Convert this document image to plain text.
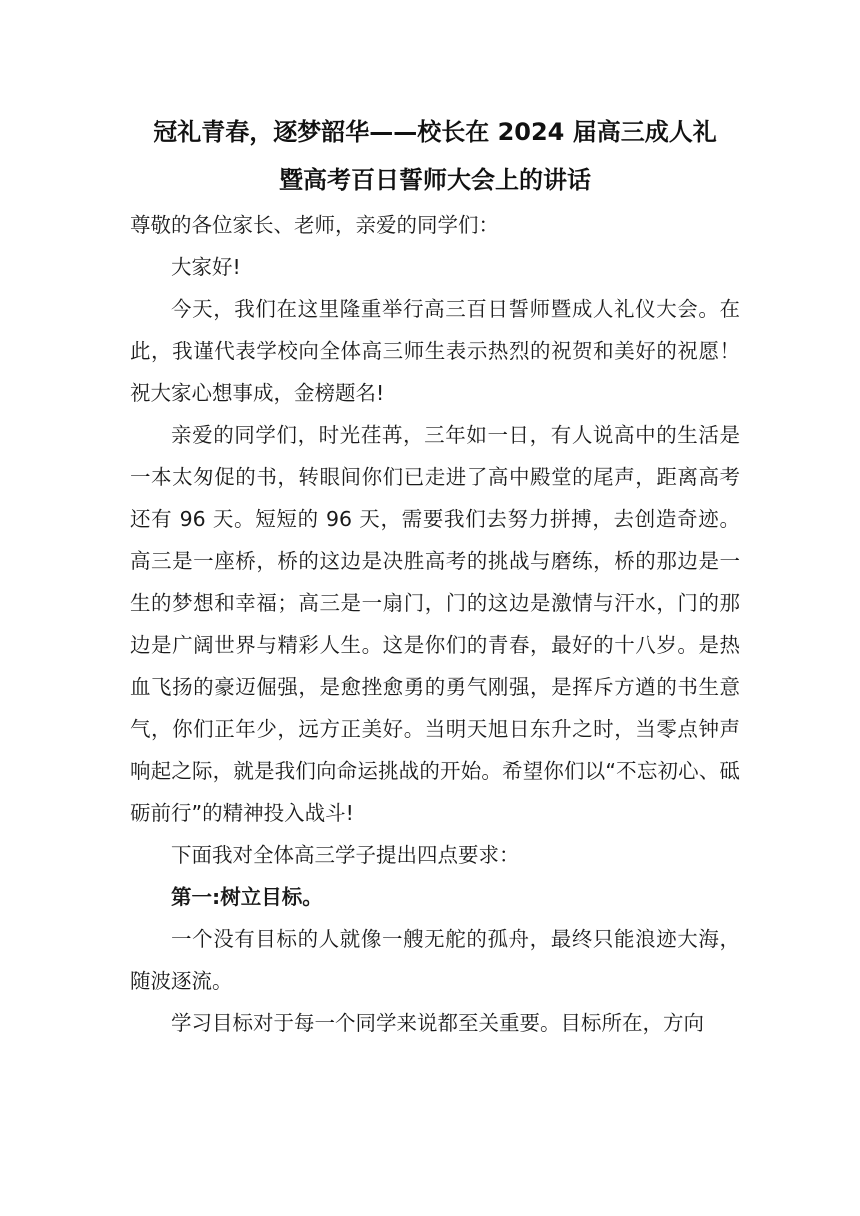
冠礼青春，逐梦韶华——校长在 2024 届高三成人礼
暨高考百日誓师大会上的讲话

尊敬的各位家长、老师，亲爱的同学们：

大家好!

今天，我们在这里隆重举行高三百日誓师暨成人礼仪大会。在此，我谨代表学校向全体高三师生表示热烈的祝贺和美好的祝愿！祝大家心想事成，金榜题名!

亲爱的同学们，时光荏苒，三年如一日，有人说高中的生活是一本太匆促的书，转眼间你们已走进了高中殿堂的尾声，距离高考还有 96 天。短短的 96 天，需要我们去努力拼搏，去创造奇迹。高三是一座桥，桥的这边是决胜高考的挑战与磨练，桥的那边是一生的梦想和幸福；高三是一扇门，门的这边是激情与汗水，门的那边是广阔世界与精彩人生。这是你们的青春，最好的十八岁。是热血飞扬的豪迈倔强，是愈挫愈勇的勇气刚强，是挥斥方遒的书生意气，你们正年少，远方正美好。当明天旭日东升之时，当零点钟声响起之际，就是我们向命运挑战的开始。希望你们以“不忘初心、砥砺前行”的精神投入战斗!

下面我对全体高三学子提出四点要求：

第一:树立目标。

一个没有目标的人就像一艘无舵的孤舟，最终只能浪迹大海，随波逐流。

学习目标对于每一个同学来说都至关重要。目标所在，方向
